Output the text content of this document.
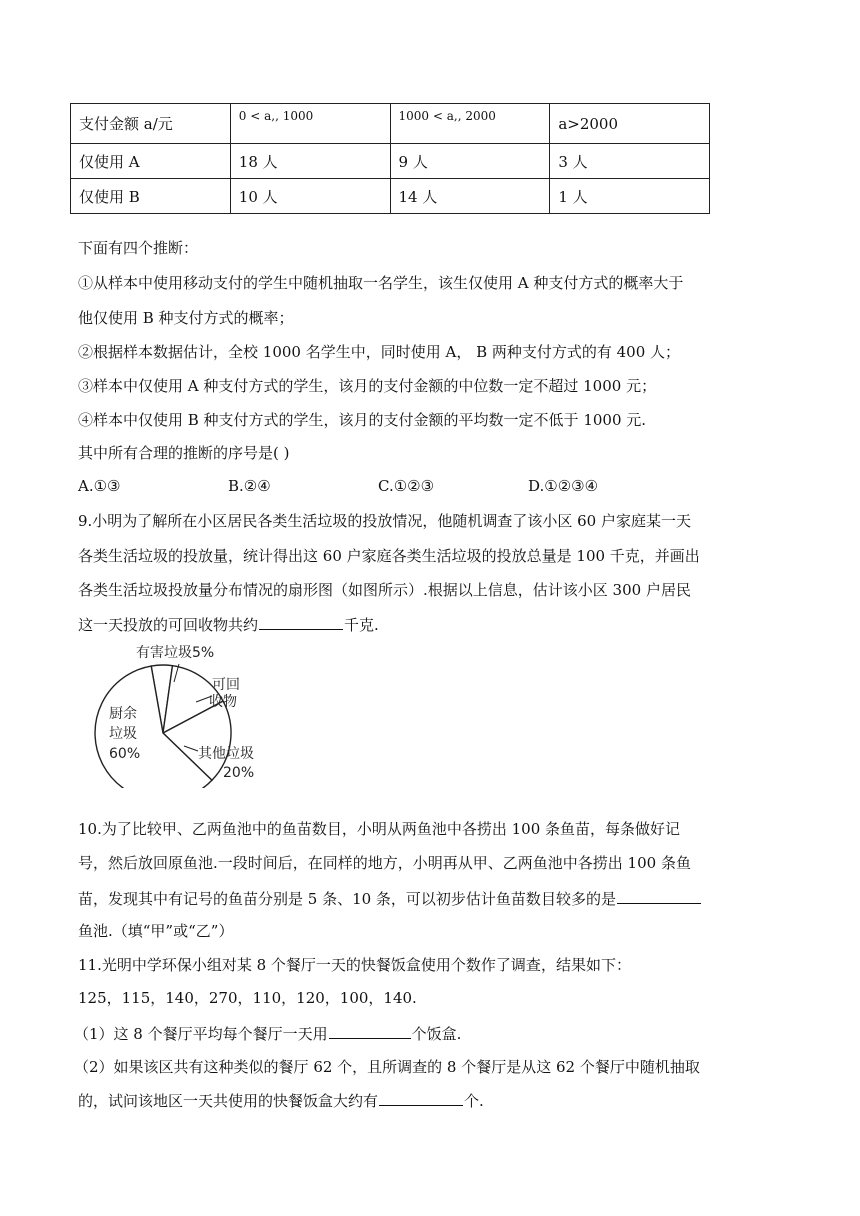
支付金额 a/元	0 < a,, 1000	1000 < a,, 2000	a>2000
仅使用 A	18 人	9 人	3 人
仅使用 B	10 人	14 人	1 人
下面有四个推断：
①从样本中使用移动支付的学生中随机抽取一名学生，该生仅使用 A 种支付方式的概率大于
他仅使用 B 种支付方式的概率；
②根据样本数据估计，全校 1000 名学生中，同时使用 A， B 两种支付方式的有 400 人；
③样本中仅使用 A 种支付方式的学生，该月的支付金额的中位数一定不超过 1000 元；
④样本中仅使用 B 种支付方式的学生，该月的支付金额的平均数一定不低于 1000 元.
其中所有合理的推断的序号是( )
A.①③	B.②④	C.①②③	D.①②③④
9.小明为了解所在小区居民各类生活垃圾的投放情况，他随机调查了该小区 60 户家庭某一天
各类生活垃圾的投放量，统计得出这 60 户家庭各类生活垃圾的投放总量是 100 千克，并画出
各类生活垃圾投放量分布情况的扇形图（如图所示）.根据以上信息，估计该小区 300 户居民
这一天投放的可回收物共约	千克.
有害垃圾5%
可回
收物
厨余
垃圾
60%	其他垃圾
20%
10.为了比较甲、乙两鱼池中的鱼苗数目，小明从两鱼池中各捞出 100 条鱼苗，每条做好记
号，然后放回原鱼池.一段时间后，在同样的地方，小明再从甲、乙两鱼池中各捞出 100 条鱼
苗，发现其中有记号的鱼苗分别是 5 条、10 条，可以初步估计鱼苗数目较多的是
鱼池.（填“甲”或“乙”）
11.光明中学环保小组对某 8 个餐厅一天的快餐饭盒使用个数作了调查，结果如下：
125，115，140，270，110，120，100，140.
（1）这 8 个餐厅平均每个餐厅一天用	个饭盒.
（2）如果该区共有这种类似的餐厅 62 个，且所调查的 8 个餐厅是从这 62 个餐厅中随机抽取
的，试问该地区一天共使用的快餐饭盒大约有	个.
